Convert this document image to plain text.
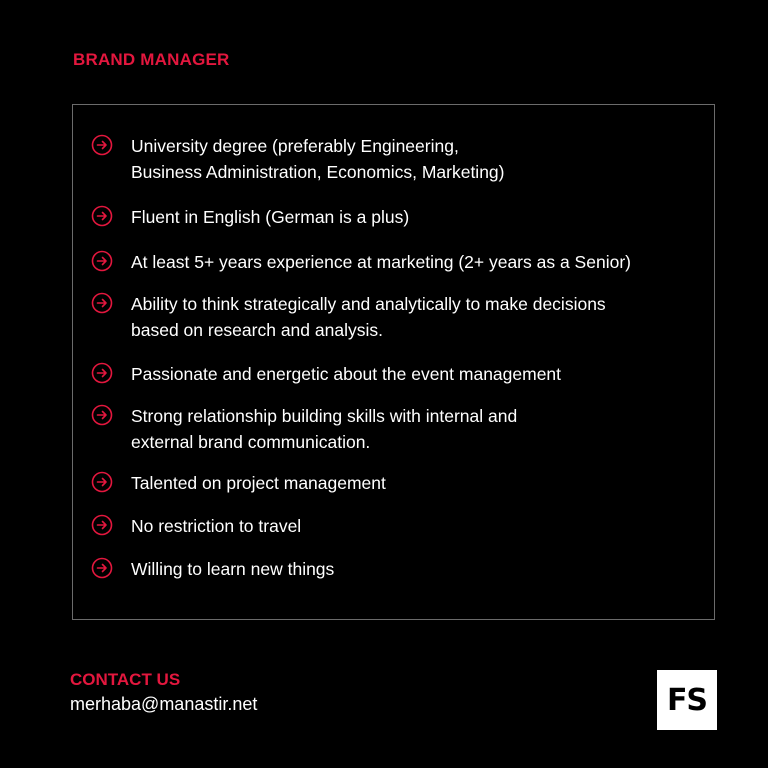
BRAND MANAGER
University degree (preferably Engineering,
Business Administration, Economics, Marketing)
Fluent in English (German is a plus)
At least 5+ years experience at marketing (2+ years as a Senior)
Ability to think strategically and analytically to make decisions
based on research and analysis.
Passionate and energetic about the event management
Strong relationship building skills with internal and
external brand communication.
Talented on project management
No restriction to travel
Willing to learn new things
CONTACT US
merhaba@manastir.net	FS
